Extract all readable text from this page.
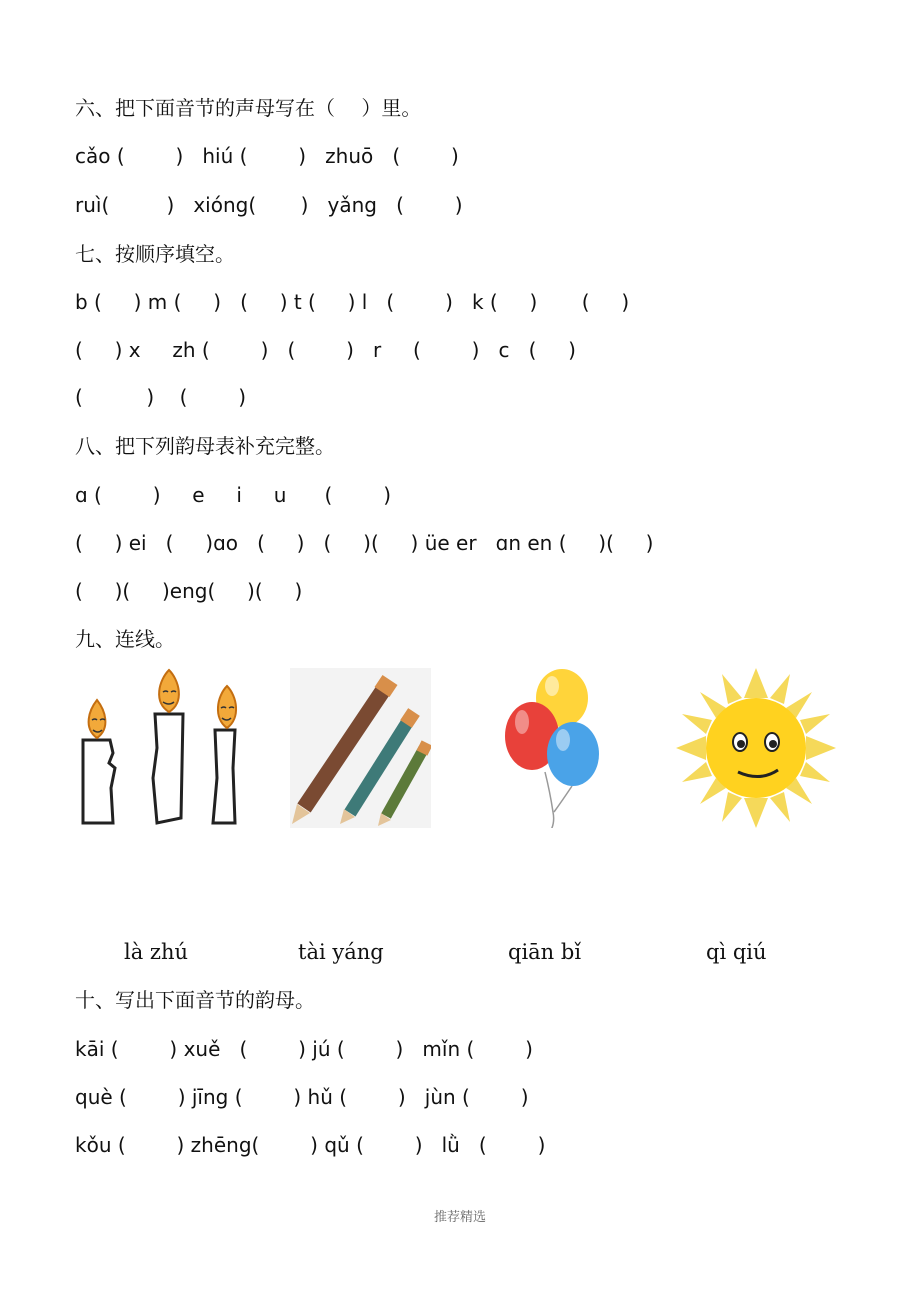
六、把下面音节的声母写在（　 ）里。
cǎo (        )   hiú (        )   zhuō   (        )
ruì(         )   xióng(       )   yǎng   (        )
七、按顺序填空。
b (     ) m (     )   (     ) t (     ) l   (        )   k (     )       (     )
(     ) x     zh (        )   (        )   r     (        )   c   (     )
(          )    (        )
八、把下列韵母表补充完整。
ɑ (        )     e     i     u      (        )
(     ) ei   (     )ɑo   (     )   (     )(     ) üe er   ɑn en (     )(     )
(     )(     )eng(     )(     )
九、连线。
là zhú	tài yáng	qiān bǐ	qì qiú
十、写出下面音节的韵母。
kāi (        ) xuě   (        ) jú (        )   mǐn (        )
què (        ) jīng (        ) hǔ (        )   jùn (        )
kǒu (        ) zhēng(        ) qǔ (        )   lǜ   (        )
推荐精选
